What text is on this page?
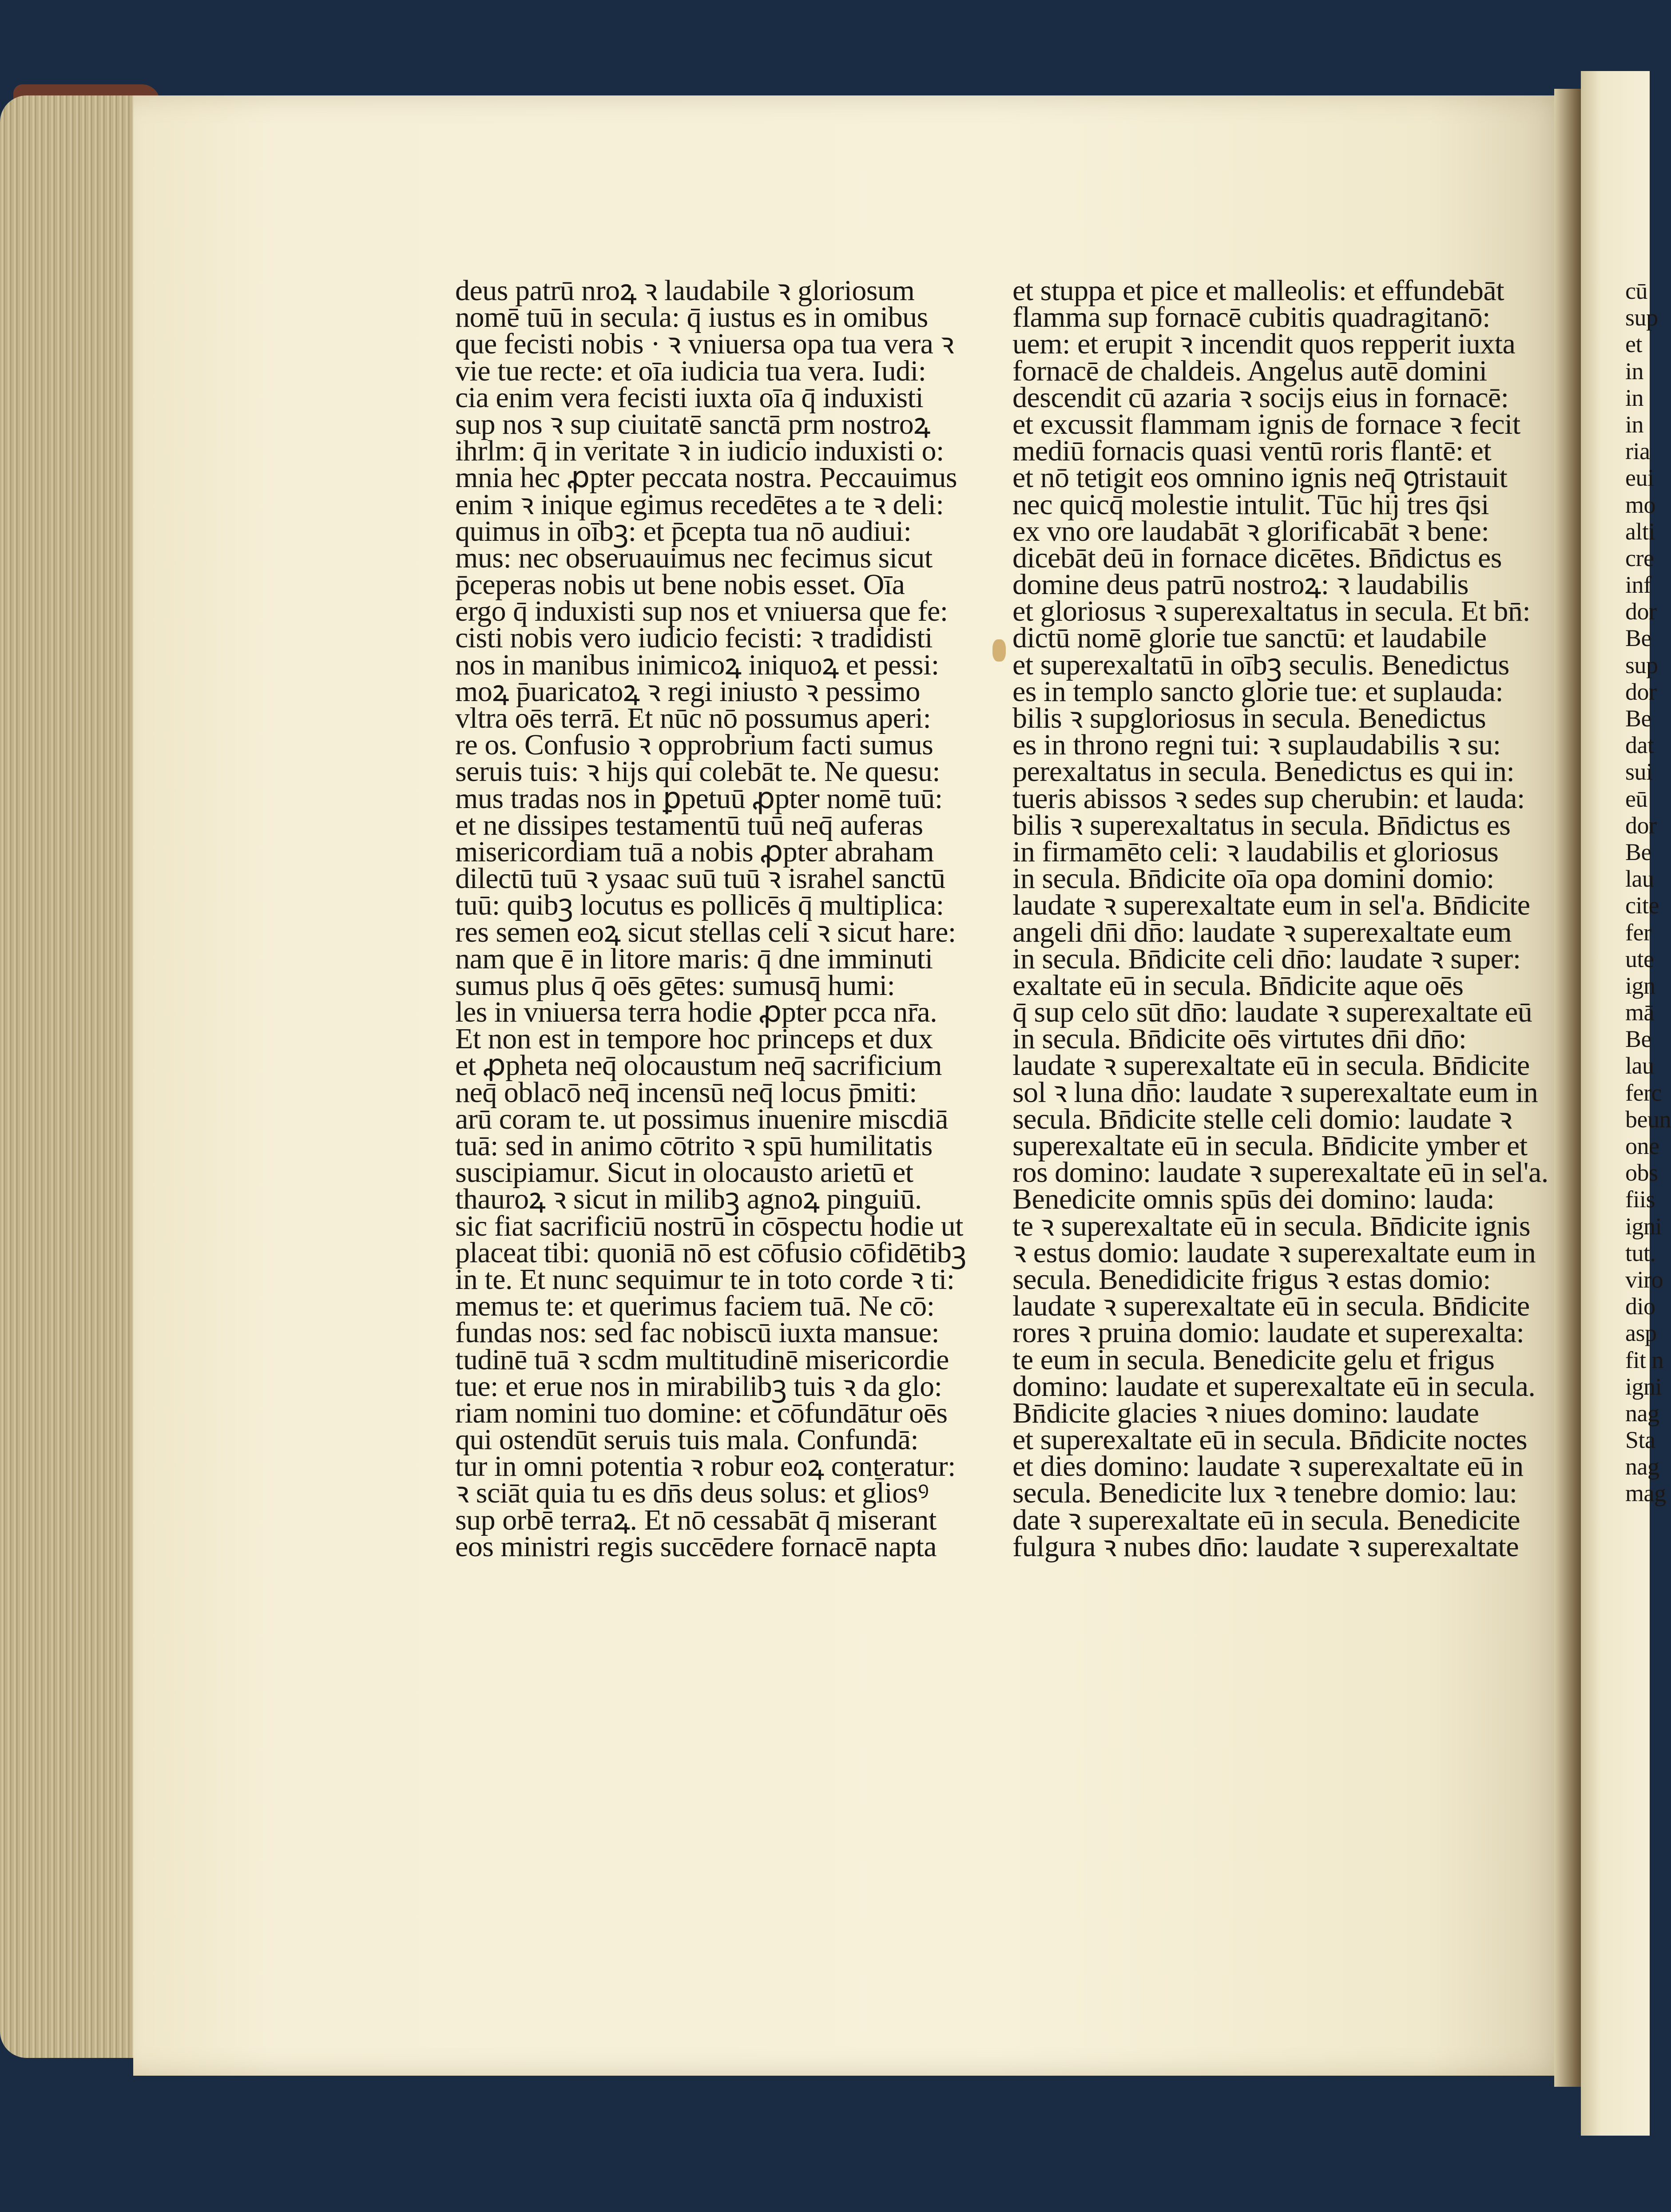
deus patrū nroꝝ ꝛ laudabile ꝛ gloriosum
nomē tuū in secula: q̄ iustus es in omibus
que fecisti nobis · ꝛ vniuersa opa tua vera ꝛ
vie tue recte: et oīa iudicia tua vera. Iudi:
cia enim vera fecisti iuxta oīa q̄ induxisti
sup nos ꝛ sup ciuitatē sanctā prm nostroꝝ
ihrlm: q̄ in veritate ꝛ in iudicio induxisti o:
mnia hec ꝓpter peccata nostra. Peccauimus
enim ꝛ inique egimus recedētes a te ꝛ deli:
quimus in oībꝫ: et p̄cepta tua nō audiui:
mus: nec obseruauimus nec fecimus sicut
p̄ceperas nobis ut bene nobis esset. Oīa
ergo q̄ induxisti sup nos et vniuersa que fe:
cisti nobis vero iudicio fecisti: ꝛ tradidisti
nos in manibus inimicoꝝ iniquoꝝ et pessi:
moꝝ p̄uaricatoꝝ ꝛ regi iniusto ꝛ pessimo
vltra oēs terrā. Et nūc nō possumus aperi:
re os. Confusio ꝛ opprobrium facti sumus
seruis tuis: ꝛ hijs qui colebāt te. Ne quesu:
mus tradas nos in ꝑpetuū ꝓpter nomē tuū:
et ne dissipes testamentū tuū neq̄ auferas
misericordiam tuā a nobis ꝓpter abraham
dilectū tuū ꝛ ysaac suū tuū ꝛ israhel sanctū
tuū: quibꝫ locutus es pollicēs q̄ multiplica:
res semen eoꝝ sicut stellas celi ꝛ sicut hare:
nam que ē in litore maris: q̄ dne imminuti
sumus plus q̄ oēs gētes: sumusq̄ humi:
les in vniuersa terra hodie ꝓpter pcca nr̄a.
Et non est in tempore hoc princeps et dux
et ꝓpheta neq̄ olocaustum neq̄ sacrificium
neq̄ oblacō neq̄ incensū neq̄ locus p̄miti:
arū coram te. ut possimus inuenire miscdiā
tuā: sed in animo cōtrito ꝛ spū humilitatis
suscipiamur. Sicut in olocausto arietū et
thauroꝝ ꝛ sicut in milibꝫ agnoꝝ pinguiū.
sic fiat sacrificiū nostrū in cōspectu hodie ut
placeat tibi: quoniā nō est cōfusio cōfidētibꝫ
in te. Et nunc sequimur te in toto corde ꝛ ti:
memus te: et querimus faciem tuā. Ne cō:
fundas nos: sed fac nobiscū iuxta mansue:
tudinē tuā ꝛ scdm multitudinē misericordie
tue: et erue nos in mirabilibꝫ tuis ꝛ da glo:
riam nomini tuo domine: et cōfundātur oēs
qui ostendūt seruis tuis mala. Confundā:
tur in omni potentia ꝛ robur eoꝝ conteratur:
ꝛ sciāt quia tu es dn̄s deus solus: et gl̄iosꝰ
sup orbē terraꝝ. Et nō cessabāt q̄ miserant
eos ministri regis succēdere fornacē napta
et stuppa et pice et malleolis: et effundebāt
flamma sup fornacē cubitis quadragitanō:
uem: et erupit ꝛ incendit quos repperit iuxta
fornacē de chaldeis. Angelus autē domini
descendit cū azaria ꝛ socijs eius in fornacē:
et excussit flammam ignis de fornace ꝛ fecit
mediū fornacis quasi ventū roris flantē: et
et nō tetigit eos omnino ignis neq̄ ꝯtristauit
nec quicq̄ molestie intulit. Tūc hij tres q̄si
ex vno ore laudabāt ꝛ glorificabāt ꝛ bene:
dicebāt deū in fornace dicētes. Bn̄dictus es
domine deus patrū nostroꝝ: ꝛ laudabilis
et gloriosus ꝛ superexaltatus in secula. Et bn̄:
dictū nomē glorie tue sanctū: et laudabile
et superexaltatū in oībꝫ seculis. Benedictus
es in templo sancto glorie tue: et suplauda:
bilis ꝛ supgloriosus in secula. Benedictus
es in throno regni tui: ꝛ suplaudabilis ꝛ su:
perexaltatus in secula. Benedictus es qui in:
tueris abissos ꝛ sedes sup cherubin: et lauda:
bilis ꝛ superexaltatus in secula. Bn̄dictus es
in firmamēto celi: ꝛ laudabilis et gloriosus
in secula. Bn̄dicite oīa opa domini domio:
laudate ꝛ superexaltate eum in sel'a. Bn̄dicite
angeli dn̄i dn̄o: laudate ꝛ superexaltate eum
in secula. Bn̄dicite celi dn̄o: laudate ꝛ super:
exaltate eū in secula. Bn̄dicite aque oēs
q̄ sup celo sūt dn̄o: laudate ꝛ superexaltate eū
in secula. Bn̄dicite oēs virtutes dn̄i dn̄o:
laudate ꝛ superexaltate eū in secula. Bn̄dicite
sol ꝛ luna dn̄o: laudate ꝛ superexaltate eum in
secula. Bn̄dicite stelle celi domio: laudate ꝛ
superexaltate eū in secula. Bn̄dicite ymber et
ros domino: laudate ꝛ superexaltate eū in sel'a.
Benedicite omnis spūs dei domino: lauda:
te ꝛ superexaltate eū in secula. Bn̄dicite ignis
ꝛ estus domio: laudate ꝛ superexaltate eum in
secula. Benedidicite frigus ꝛ estas domio:
laudate ꝛ superexaltate eū in secula. Bn̄dicite
rores ꝛ pruina domio: laudate et superexalta:
te eum in secula. Benedicite gelu et frigus
domino: laudate et superexaltate eū in secula.
Bn̄dicite glacies ꝛ niues domino: laudate
et superexaltate eū in secula. Bn̄dicite noctes
et dies domino: laudate ꝛ superexaltate eū in
secula. Benedicite lux ꝛ tenebre domio: lau:
date ꝛ superexaltate eū in secula. Benedicite
fulgura ꝛ nubes dn̄o: laudate ꝛ superexaltate
cū
sup
et
in
in
in
ria
eui
mo
alti
cre
inf
dor
Be
sup
dor
Be
dat
sui
eū
dor
Be
lau
cite
fer
ute
ign
mā
Be
lau
ferc
beun
one
obs
fiis
igni
tut.
viro
dio
asp
fit n
igni
nag
Sta
nag
mag
